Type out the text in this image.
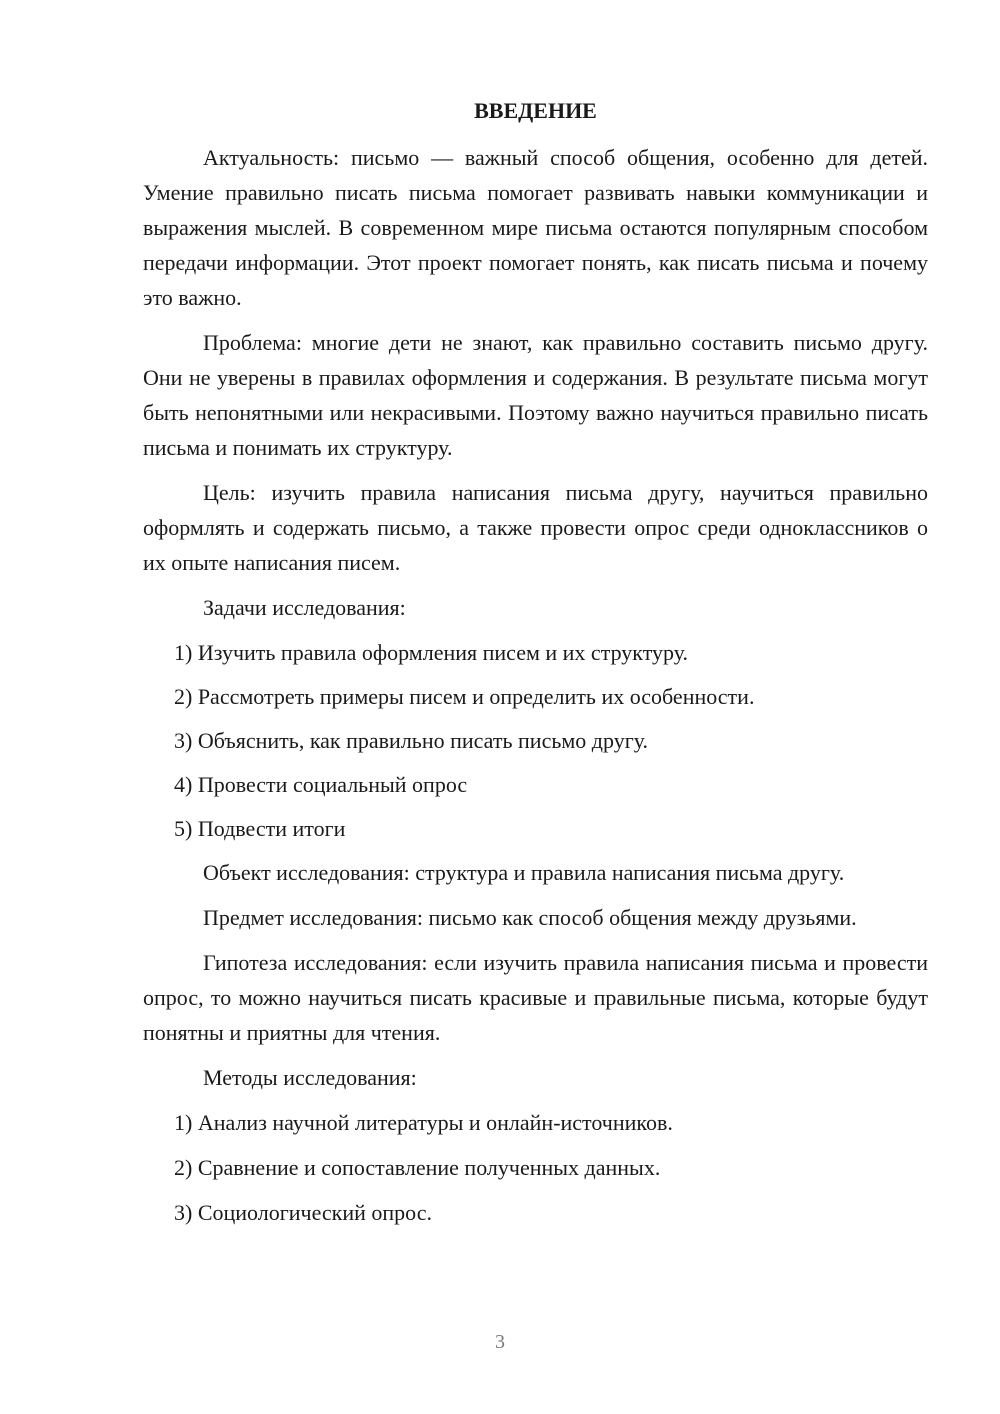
ВВЕДЕНИЕ

Актуальность: письмо — важный способ общения, особенно для детей. Умение правильно писать письма помогает развивать навыки коммуникации и выражения мыслей. В современном мире письма остаются популярным способом передачи информации. Этот проект помогает понять, как писать письма и почему это важно.

Проблема: многие дети не знают, как правильно составить письмо другу. Они не уверены в правилах оформления и содержания. В результате письма могут быть непонятными или некрасивыми. Поэтому важно научиться правильно писать письма и понимать их структуру.

Цель: изучить правила написания письма другу, научиться правильно оформлять и содержать письмо, а также провести опрос среди одноклассников о их опыте написания писем.

Задачи исследования:

1) Изучить правила оформления писем и их структуру.
2) Рассмотреть примеры писем и определить их особенности.
3) Объяснить, как правильно писать письмо другу.
4) Провести социальный опрос
5) Подвести итоги

Объект исследования: структура и правила написания письма другу.

Предмет исследования: письмо как способ общения между друзьями.

Гипотеза исследования: если изучить правила написания письма и провести опрос, то можно научиться писать красивые и правильные письма, которые будут понятны и приятны для чтения.

Методы исследования:

1) Анализ научной литературы и онлайн-источников.
2) Сравнение и сопоставление полученных данных.
3) Социологический опрос.
3
